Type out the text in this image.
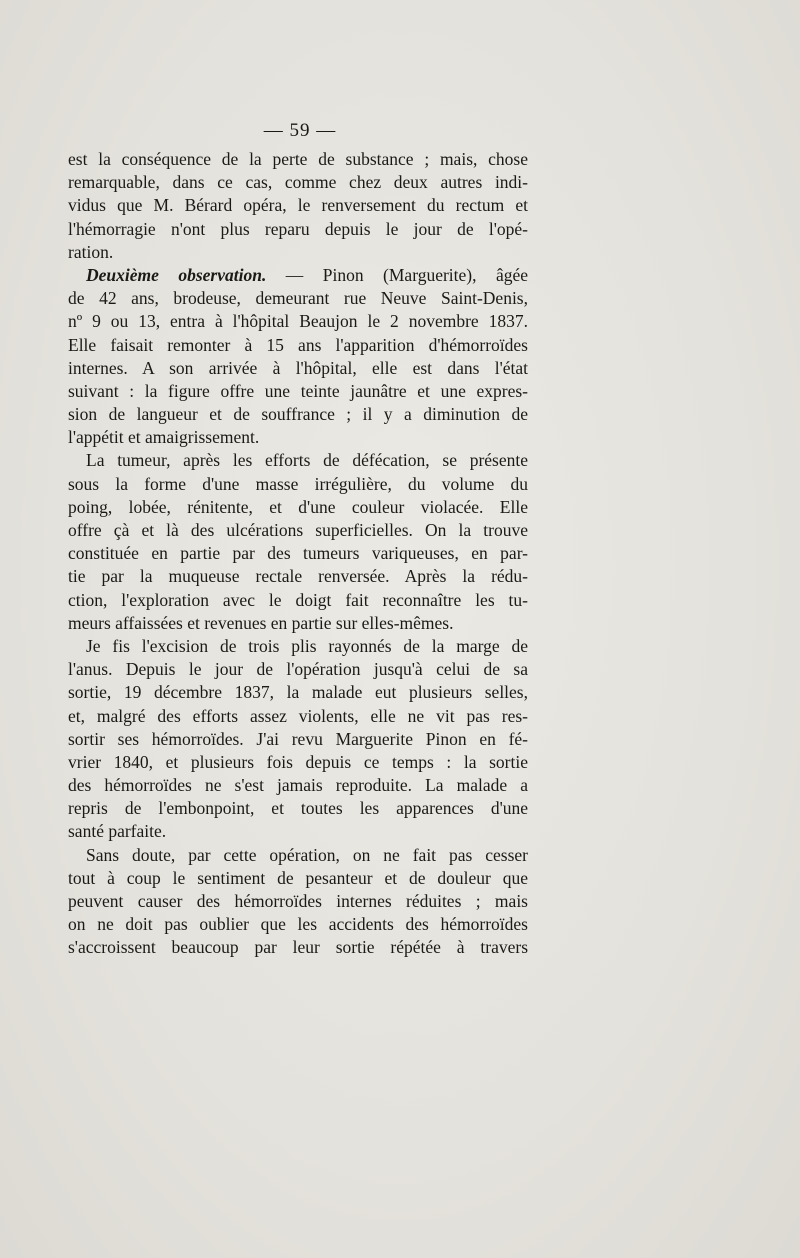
— 59 —
est la conséquence de la perte de substance ; mais, chose
remarquable, dans ce cas, comme chez deux autres indi-
vidus que M. Bérard opéra, le renversement du rectum et
l'hémorragie n'ont plus reparu depuis le jour de l'opé-
ration.
Deuxième observation. — Pinon (Marguerite), âgée
de 42 ans, brodeuse, demeurant rue Neuve Saint-Denis,
nº 9 ou 13, entra à l'hôpital Beaujon le 2 novembre 1837.
Elle faisait remonter à 15 ans l'apparition d'hémorroïdes
internes. A son arrivée à l'hôpital, elle est dans l'état
suivant : la figure offre une teinte jaunâtre et une expres-
sion de langueur et de souffrance ; il y a diminution de
l'appétit et amaigrissement.
La tumeur, après les efforts de défécation, se présente
sous la forme d'une masse irrégulière, du volume du
poing, lobée, rénitente, et d'une couleur violacée. Elle
offre çà et là des ulcérations superficielles. On la trouve
constituée en partie par des tumeurs variqueuses, en par-
tie par la muqueuse rectale renversée. Après la rédu-
ction, l'exploration avec le doigt fait reconnaître les tu-
meurs affaissées et revenues en partie sur elles-mêmes.
Je fis l'excision de trois plis rayonnés de la marge de
l'anus. Depuis le jour de l'opération jusqu'à celui de sa
sortie, 19 décembre 1837, la malade eut plusieurs selles,
et, malgré des efforts assez violents, elle ne vit pas res-
sortir ses hémorroïdes. J'ai revu Marguerite Pinon en fé-
vrier 1840, et plusieurs fois depuis ce temps : la sortie
des hémorroïdes ne s'est jamais reproduite. La malade a
repris de l'embonpoint, et toutes les apparences d'une
santé parfaite.
Sans doute, par cette opération, on ne fait pas cesser
tout à coup le sentiment de pesanteur et de douleur que
peuvent causer des hémorroïdes internes réduites ; mais
on ne doit pas oublier que les accidents des hémorroïdes
s'accroissent beaucoup par leur sortie répétée à travers
